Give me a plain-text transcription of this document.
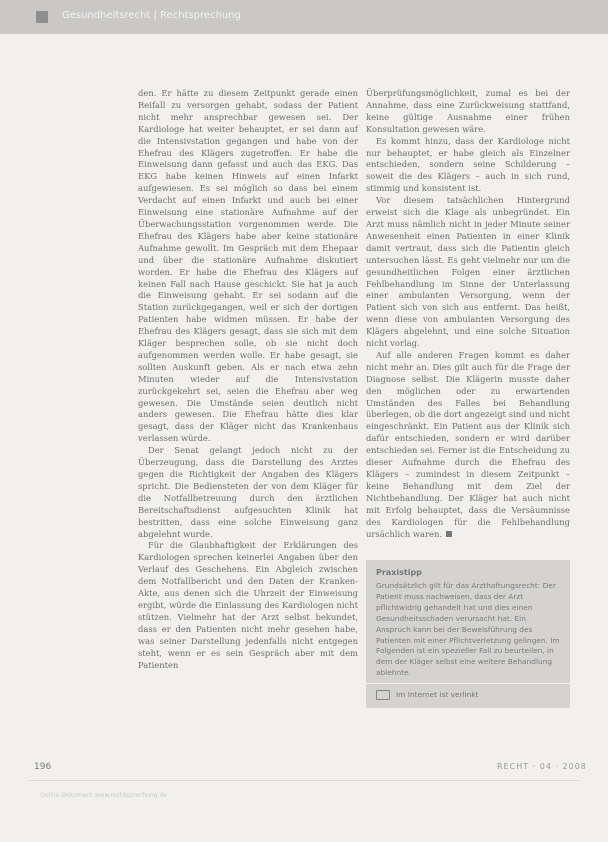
Gesundheitsrecht | Rechtsprechung

den. Er hätte zu diesem Zeitpunkt gerade einen Reifall zu versorgen gehabt, sodass der Patient nicht mehr ansprechbar gewesen sei. Der Kardiologe hat weiter behauptet, er sei dann auf die Intensivstation gegangen und habe von der Ehefrau des Klägers zugetroffen. Er habe die Einweisung dann gefasst und auch das EKG. Das EKG habe keinen Hinweis auf einen Infarkt aufgewiesen. Es sei möglich so dass bei einem Verdacht auf einen Infarkt und auch bei einer Einweisung eine stationäre Aufnahme auf der Überwachungsstation vorgenommen werde. Die Ehefrau des Klägers habe aber keine stationäre Aufnahme gewollt. Im Gespräch mit dem Ehepaar und über die stationäre Aufnahme diskutiert worden. Er habe die Ehefrau des Klägers auf keinen Fall nach Hause geschickt. Sie hat ja auch die Einweisung gehabt. Er sei sodann auf die Station zurückgegangen, weil er sich der dortigen Patienten habe widmen müssen. Er habe der Ehefrau des Klägers gesagt, dass sie sich mit dem Kläger besprechen solle, ob sie nicht doch aufgenommen werden wolle. Er habe gesagt, sie sollten Auskunft geben. Als er nach etwa zehn Minuten wieder auf die Intensivstation zurückgekehrt sei, seien die Ehefrau aber weg gewesen. Die Umstände seien deutlich nicht anders gewesen. Die Ehefrau hätte dies klar gesagt, dass der Kläger nicht das Krankenhaus verlassen würde.

Der Senat gelangt jedoch nicht zu der Überzeugung, dass die Darstellung des Arztes gegen die Richtigkeit der Angaben des Klägers spricht. Die Bediensteten der von dem Kläger für die Notfallbetreuung durch den ärztlichen Bereitschaftsdienst aufgesuchten Klinik hat bestritten, dass eine solche Einweisung ganz abgelehnt wurde.

Für die Glaubhaftigkeit der Erklärungen des Kardiologen sprechen keinerlei Angaben über den Verlauf des Geschehens. Ein Abgleich zwischen dem Notfallbericht und den Daten der Kranken- Akte, aus denen sich die Uhrzeit der Einweisung ergibt, würde die Einlassung des Kardiologen nicht stützen. Vielmehr hat der Arzt selbst bekundet, dass er den Patienten nicht mehr gesehen habe, was seiner Darstellung jedenfalls nicht entgegen steht, wenn er es sein Gespräch aber mit dem Patienten

Überprüfungsmöglichkeit, zumal es bei der Annahme, dass eine Zurückweisung stattfand, keine gültige Ausnahme einer frühen Konsultation gewesen wäre.

Es kommt hinzu, dass der Kardiologe nicht nur behauptet, er habe gleich als Einzelner entschieden, sondern seine Schilderung – soweit die des Klägers – auch in sich rund, stimmig und konsistent ist.

Vor diesem tatsächlichen Hintergrund erweist sich die Klage als unbegründet. Ein Arzt muss nämlich nicht in jeder Minute seiner Anwesenheit einen Patienten in einer Klinik damit vertraut, dass sich die Patientin gleich untersuchen lässt. Es geht vielmehr nur um die gesundheitlichen Folgen einer ärztlichen Fehlbehandlung im Sinne der Unterlassung einer ambulanten Versorgung, wenn der Patient sich von sich aus entfernt. Das heißt, wenn diese von ambulanten Versorgung des Klägers abgelehnt, und eine solche Situation nicht vorlag.

Auf alle anderen Fragen kommt es daher nicht mehr an. Dies gilt auch für die Frage der Diagnose selbst. Die Klägerin musste daher den möglichen oder zu erwartenden Umständen des Falles bei Behandlung überlegen, ob die dort angezeigt sind und nicht eingeschränkt. Ein Patient aus der Klinik sich dafür entschieden, sondern er wird darüber entschieden sei. Ferner ist die Entscheidung zu dieser Aufnahme durch die Ehefrau des Klägers – zumindest in diesem Zeitpunkt – keine Behandlung mit dem Ziel der Nichtbehandlung. Der Kläger hat auch nicht mit Erfolg behauptet, dass die Versäumnisse des Kardiologen für die Fehlbehandlung ursächlich waren.

Praxistipp
Grundsätzlich gilt für das Arzthaftungsrecht: Der Patient muss nachweisen, dass der Arzt pflichtwidrig gehandelt hat und dies einen Gesundheitsschaden verursacht hat. Ein Anspruch kann bei der Beweisführung des Patienten mit einer Pflichtverletzung gelingen. Im Folgenden ist ein spezieller Fall zu beurteilen, in dem der Kläger selbst eine weitere Behandlung ablehnte.
Im Internet ist verlinkt
196	RECHT · 04 · 2008
Online-Dokument www.rechtsprechung.de
